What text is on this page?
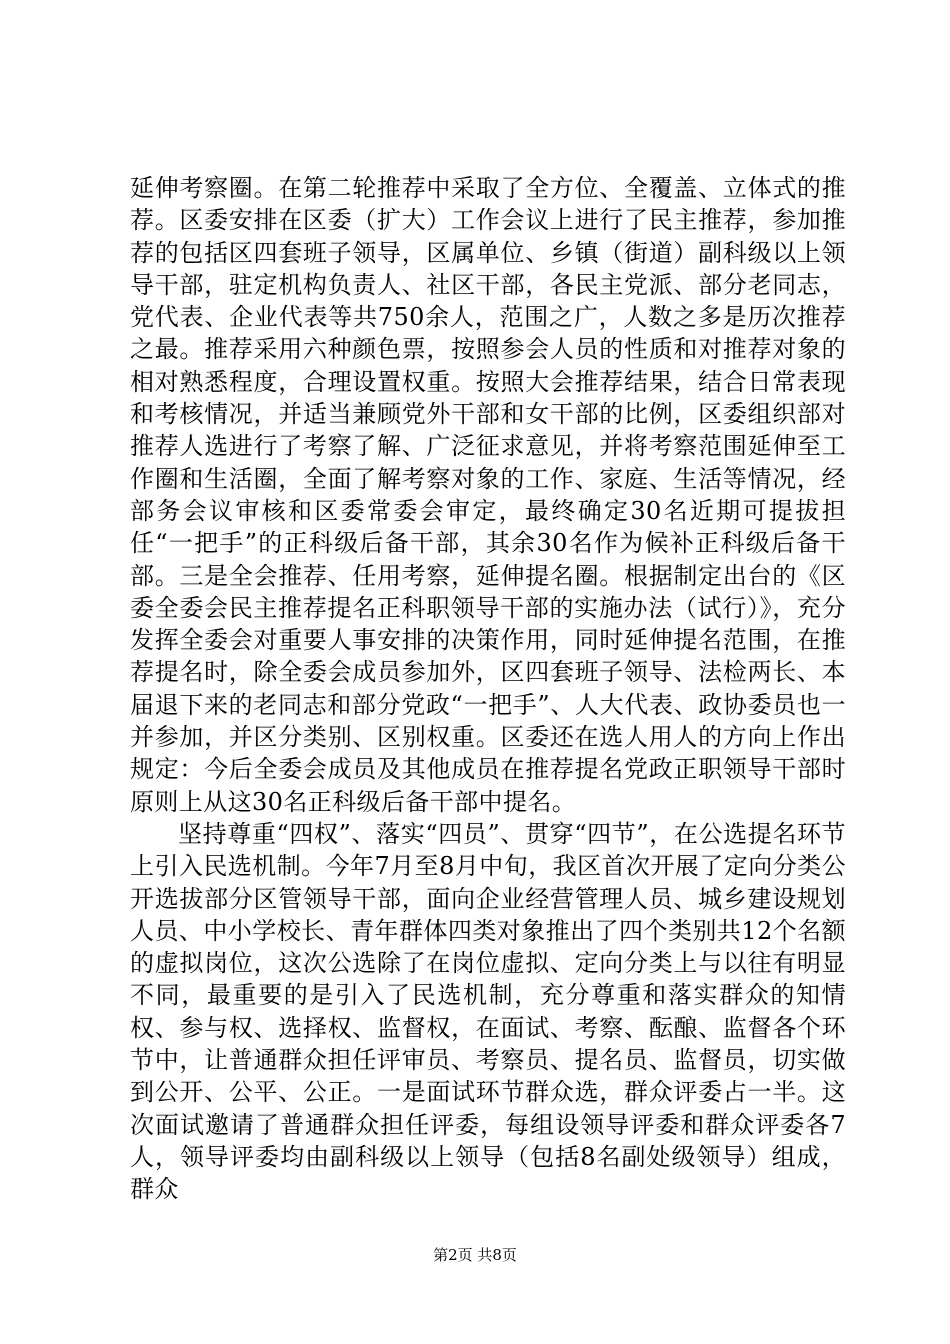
延伸考察圈。在第二轮推荐中采取了全方位、全覆盖、立体式的推荐。区委安排在区委（扩大）工作会议上进行了民主推荐，参加推荐的包括区四套班子领导，区属单位、乡镇（街道）副科级以上领导干部，驻定机构负责人、社区干部，各民主党派、部分老同志，党代表、企业代表等共750余人，范围之广，人数之多是历次推荐之最。推荐采用六种颜色票，按照参会人员的性质和对推荐对象的相对熟悉程度，合理设置权重。按照大会推荐结果，结合日常表现和考核情况，并适当兼顾党外干部和女干部的比例，区委组织部对推荐人选进行了考察了解、广泛征求意见，并将考察范围延伸至工作圈和生活圈，全面了解考察对象的工作、家庭、生活等情况，经部务会议审核和区委常委会审定，最终确定30名近期可提拔担任“一把手”的正科级后备干部，其余30名作为候补正科级后备干部。三是全会推荐、任用考察，延伸提名圈。根据制定出台的《区委全委会民主推荐提名正科职领导干部的实施办法（试行）》，充分发挥全委会对重要人事安排的决策作用，同时延伸提名范围，在推荐提名时，除全委会成员参加外，区四套班子领导、法检两长、本届退下来的老同志和部分党政“一把手”、人大代表、政协委员也一并参加，并区分类别、区别权重。区委还在选人用人的方向上作出规定：今后全委会成员及其他成员在推荐提名党政正职领导干部时原则上从这30名正科级后备干部中提名。

坚持尊重“四权”、落实“四员”、贯穿“四节”，在公选提名环节上引入民选机制。今年7月至8月中旬，我区首次开展了定向分类公开选拔部分区管领导干部，面向企业经营管理人员、城乡建设规划人员、中小学校长、青年群体四类对象推出了四个类别共12个名额的虚拟岗位，这次公选除了在岗位虚拟、定向分类上与以往有明显不同，最重要的是引入了民选机制，充分尊重和落实群众的知情权、参与权、选择权、监督权，在面试、考察、酝酿、监督各个环节中，让普通群众担任评审员、考察员、提名员、监督员，切实做到公开、公平、公正。一是面试环节群众选，群众评委占一半。这次面试邀请了普通群众担任评委，每组设领导评委和群众评委各7人，领导评委均由副科级以上领导（包括8名副处级领导）组成，群众

第2页 共8页
